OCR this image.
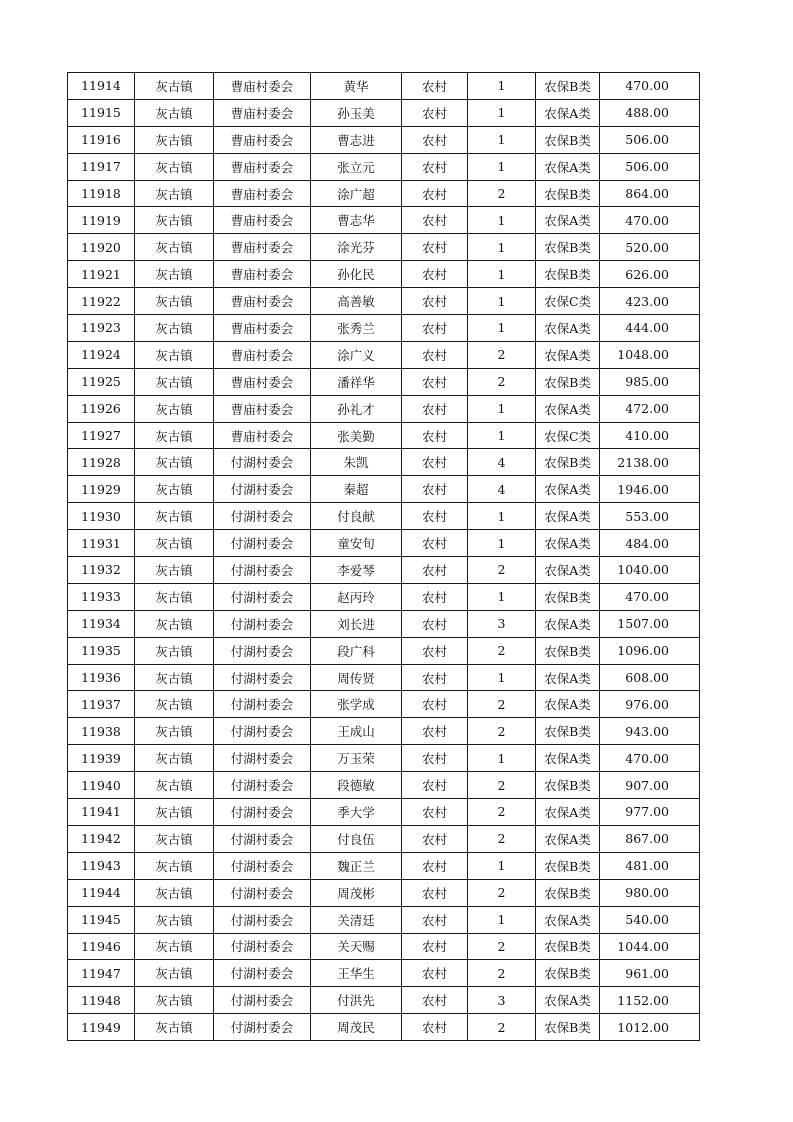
11914	灰古镇	曹庙村委会	黄华	农村	1	农保B类	470.00
11915	灰古镇	曹庙村委会	孙玉美	农村	1	农保A类	488.00
11916	灰古镇	曹庙村委会	曹志进	农村	1	农保B类	506.00
11917	灰古镇	曹庙村委会	张立元	农村	1	农保A类	506.00
11918	灰古镇	曹庙村委会	涂广超	农村	2	农保B类	864.00
11919	灰古镇	曹庙村委会	曹志华	农村	1	农保A类	470.00
11920	灰古镇	曹庙村委会	涂光芬	农村	1	农保B类	520.00
11921	灰古镇	曹庙村委会	孙化民	农村	1	农保B类	626.00
11922	灰古镇	曹庙村委会	高善敏	农村	1	农保C类	423.00
11923	灰古镇	曹庙村委会	张秀兰	农村	1	农保A类	444.00
11924	灰古镇	曹庙村委会	涂广义	农村	2	农保A类	1048.00
11925	灰古镇	曹庙村委会	潘祥华	农村	2	农保B类	985.00
11926	灰古镇	曹庙村委会	孙礼才	农村	1	农保A类	472.00
11927	灰古镇	曹庙村委会	张美勤	农村	1	农保C类	410.00
11928	灰古镇	付湖村委会	朱凯	农村	4	农保B类	2138.00
11929	灰古镇	付湖村委会	秦超	农村	4	农保A类	1946.00
11930	灰古镇	付湖村委会	付良献	农村	1	农保A类	553.00
11931	灰古镇	付湖村委会	童安旬	农村	1	农保A类	484.00
11932	灰古镇	付湖村委会	李爱琴	农村	2	农保A类	1040.00
11933	灰古镇	付湖村委会	赵丙玲	农村	1	农保B类	470.00
11934	灰古镇	付湖村委会	刘长进	农村	3	农保A类	1507.00
11935	灰古镇	付湖村委会	段广科	农村	2	农保B类	1096.00
11936	灰古镇	付湖村委会	周传贤	农村	1	农保A类	608.00
11937	灰古镇	付湖村委会	张学成	农村	2	农保A类	976.00
11938	灰古镇	付湖村委会	王成山	农村	2	农保B类	943.00
11939	灰古镇	付湖村委会	万玉荣	农村	1	农保A类	470.00
11940	灰古镇	付湖村委会	段德敏	农村	2	农保B类	907.00
11941	灰古镇	付湖村委会	季大学	农村	2	农保A类	977.00
11942	灰古镇	付湖村委会	付良伍	农村	2	农保A类	867.00
11943	灰古镇	付湖村委会	魏正兰	农村	1	农保B类	481.00
11944	灰古镇	付湖村委会	周茂彬	农村	2	农保B类	980.00
11945	灰古镇	付湖村委会	关清廷	农村	1	农保A类	540.00
11946	灰古镇	付湖村委会	关天赐	农村	2	农保B类	1044.00
11947	灰古镇	付湖村委会	王华生	农村	2	农保B类	961.00
11948	灰古镇	付湖村委会	付洪先	农村	3	农保A类	1152.00
11949	灰古镇	付湖村委会	周茂民	农村	2	农保B类	1012.00
